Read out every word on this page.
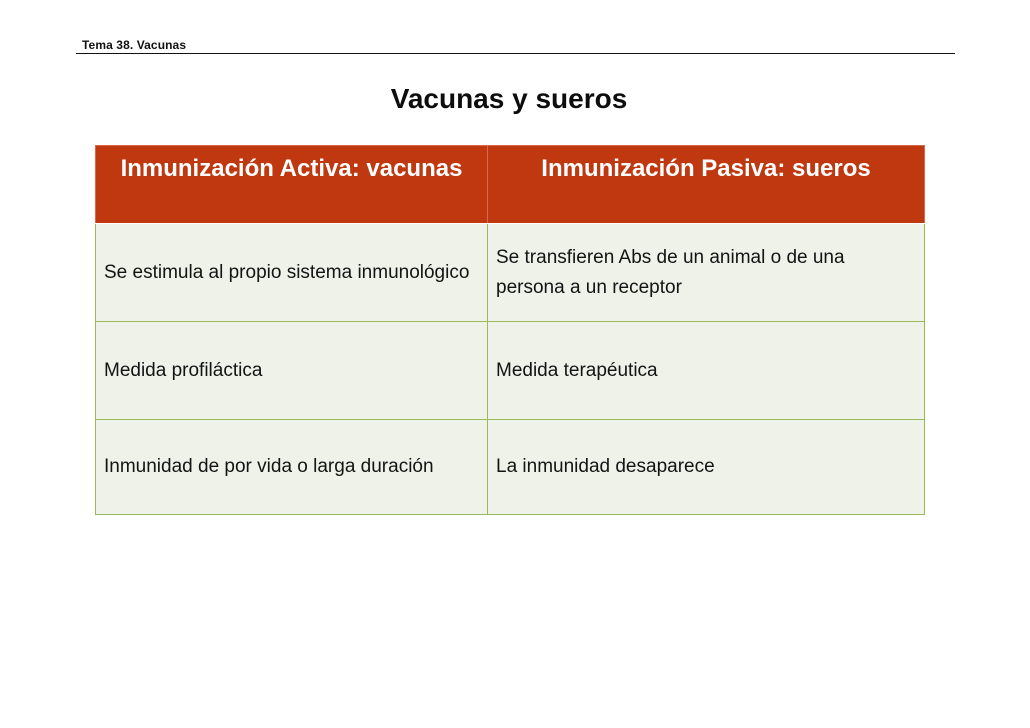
Tema 38. Vacunas
Vacunas y sueros
Inmunización Activa: vacunas	Inmunización Pasiva: sueros
Se estimula al propio sistema inmunológico	Se transfieren Abs de un animal o de una persona a un receptor
Medida profiláctica	Medida terapéutica
Inmunidad de por vida o larga duración	La inmunidad desaparece
